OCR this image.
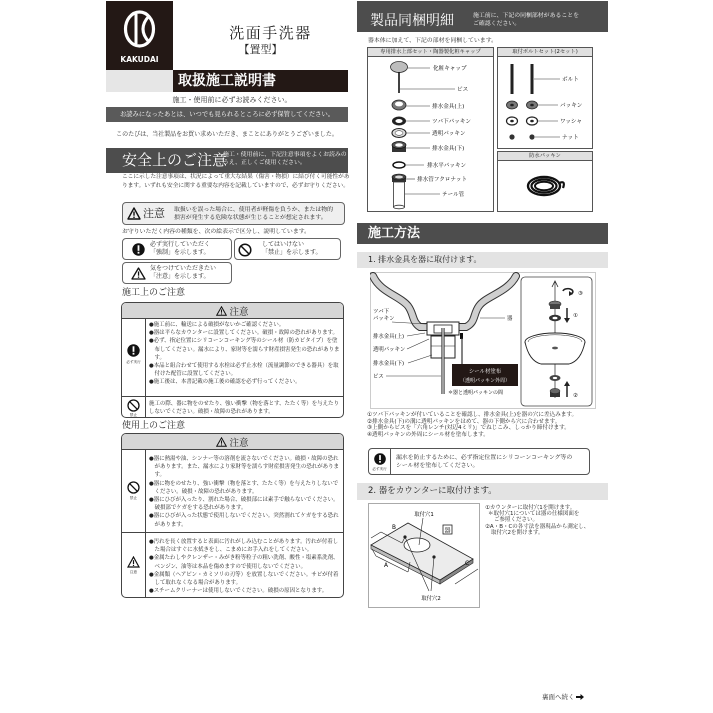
KAKUDAI
洗面手洗器
【置型】
取扱施工説明書
施工・使用前に必ずお読みください。
お読みになったあとは、いつでも見られるところに必ず保管してください。
このたびは、当社製品をお買い求めいただき、まことにありがとうございました。
安全上のご注意
施工・使用前に、下記注意事項をよくお読みの
うえ、正しくご使用ください。
ここに示した注意事項は、状況によって重大な結果（傷害・物損）に結び付く可能性があります。いずれも安全に関する重要な内容を記載していますので、必ずお守りください。
注意 取扱いを誤った場合に、使用者が軽傷を負うか、または物的
損害が発生する危険な状態が生じることが想定されます。
お守りいただく内容の種類を、次の絵表示で区分し、説明しています。
必ず実行していただく
「強制」を示します。
してはいけない
「禁止」を示します。
気をつけていただきたい
「注意」を示します。
施工上のご注意
注意
必ず実行
●施工前に、輸送による破損がないかご確認ください。
●器は平らなカウンターに設置してください。破損・故障の恐れがあります。
●必ず、指定位置にシリコーンコーキング等のシール材（防カビタイプ）を塗布してください。漏水により、家財等を濡らす財産損害発生の恐れがあります。
●本品と組合わせて使用する水栓は必ず止水栓（流量調節のできる器具）を取付けた配管に設置してください。
●施工後は、本書記載の施工後の確認を必ず行ってください。
禁止
施工の際、器に物をのせたり、強い衝撃（物を落とす、たたく等）を与えたりしないでください。破損・故障の恐れがあります。
使用上のご注意
注意
禁止
●器に熱湯や油、シンナー等の溶剤を流さないでください。破損・故障の恐れがあります。また、漏水により家財等を濡らす財産損害発生の恐れがあります。
●器に物をのせたり、強い衝撃（物を落とす、たたく等）を与えたりしないでください。破損・故障の恐れがあります。
●器にひびが入ったり、割れた場合、破損部には素手で触らないでください。破損部でケガをする恐れがあります。
●器にひびが入った状態で使用しないでください。突然割れてケガをする恐れがあります。
注意
●汚れを長く放置すると表面に汚れがしみ込むことがあります。汚れが付着した場合はすぐに水拭きをし、こまめにお手入れをしてください。
●金属たわしやクレンザー・みがき粉等粒子の粗い洗剤、酸性・塩素系洗剤、ベンジン、油等は本品を傷めますので使用しないでください。
●金属類（ヘアピン・カミソリの刃等）を放置しないでください。サビが付着して取れなくなる場合があります。
●スチームクリーナーは使用しないでください。破損の原因となります。
製品同梱明細	施工前に、下記の同梱部材があることを
ご確認ください。
器本体に加えて、下記の部材を同梱しています。
専用排水上部セット・陶器製化粧キャップ
化粧キャップ
ビス
排水金具(上)
ツバ下パッキン
透明パッキン
排水金具(下)
排水平パッキン
排水管フクロナット
テール管
取付ボルトセット(2セット)
ボルト
パッキン
ワッシャ
ナット
防水パッキン
施工方法
1. 排水金具を器に取付けます。
ツバ下
パッキン
排水金具(上)
透明パッキン
排水金具(下)
ビス
器
シール材塗布
（透明パッキン外周）
＊器と透明パッキンの間
③
①
②
①ツバ下パッキンが付いていることを確認し、排水金具(上)を器の穴に差込みます。
②排水金具(下)の溝に透明パッキンをはめて、器の下側から穴に合わせます。
③上側からビスを「六角レンチ(対辺4ミリ)」でねじこみ、しっかり締付けます。
④透明パッキンの外周にシール材を塗布します。
必ず実行
漏水を防止するために、必ず指定位置にシリコーンコーキング等の
シール材を塗布してください。
2. 器をカウンターに取付けます。
取付穴1
取付穴2
A
B
C
器
①カウンターに取付穴1を開けます。
＊取付穴1については器の仕様図面を
ご参照ください。
②A・B・Cの各寸法を器現品から測定し、
取付穴2を開けます。
裏面へ続く
